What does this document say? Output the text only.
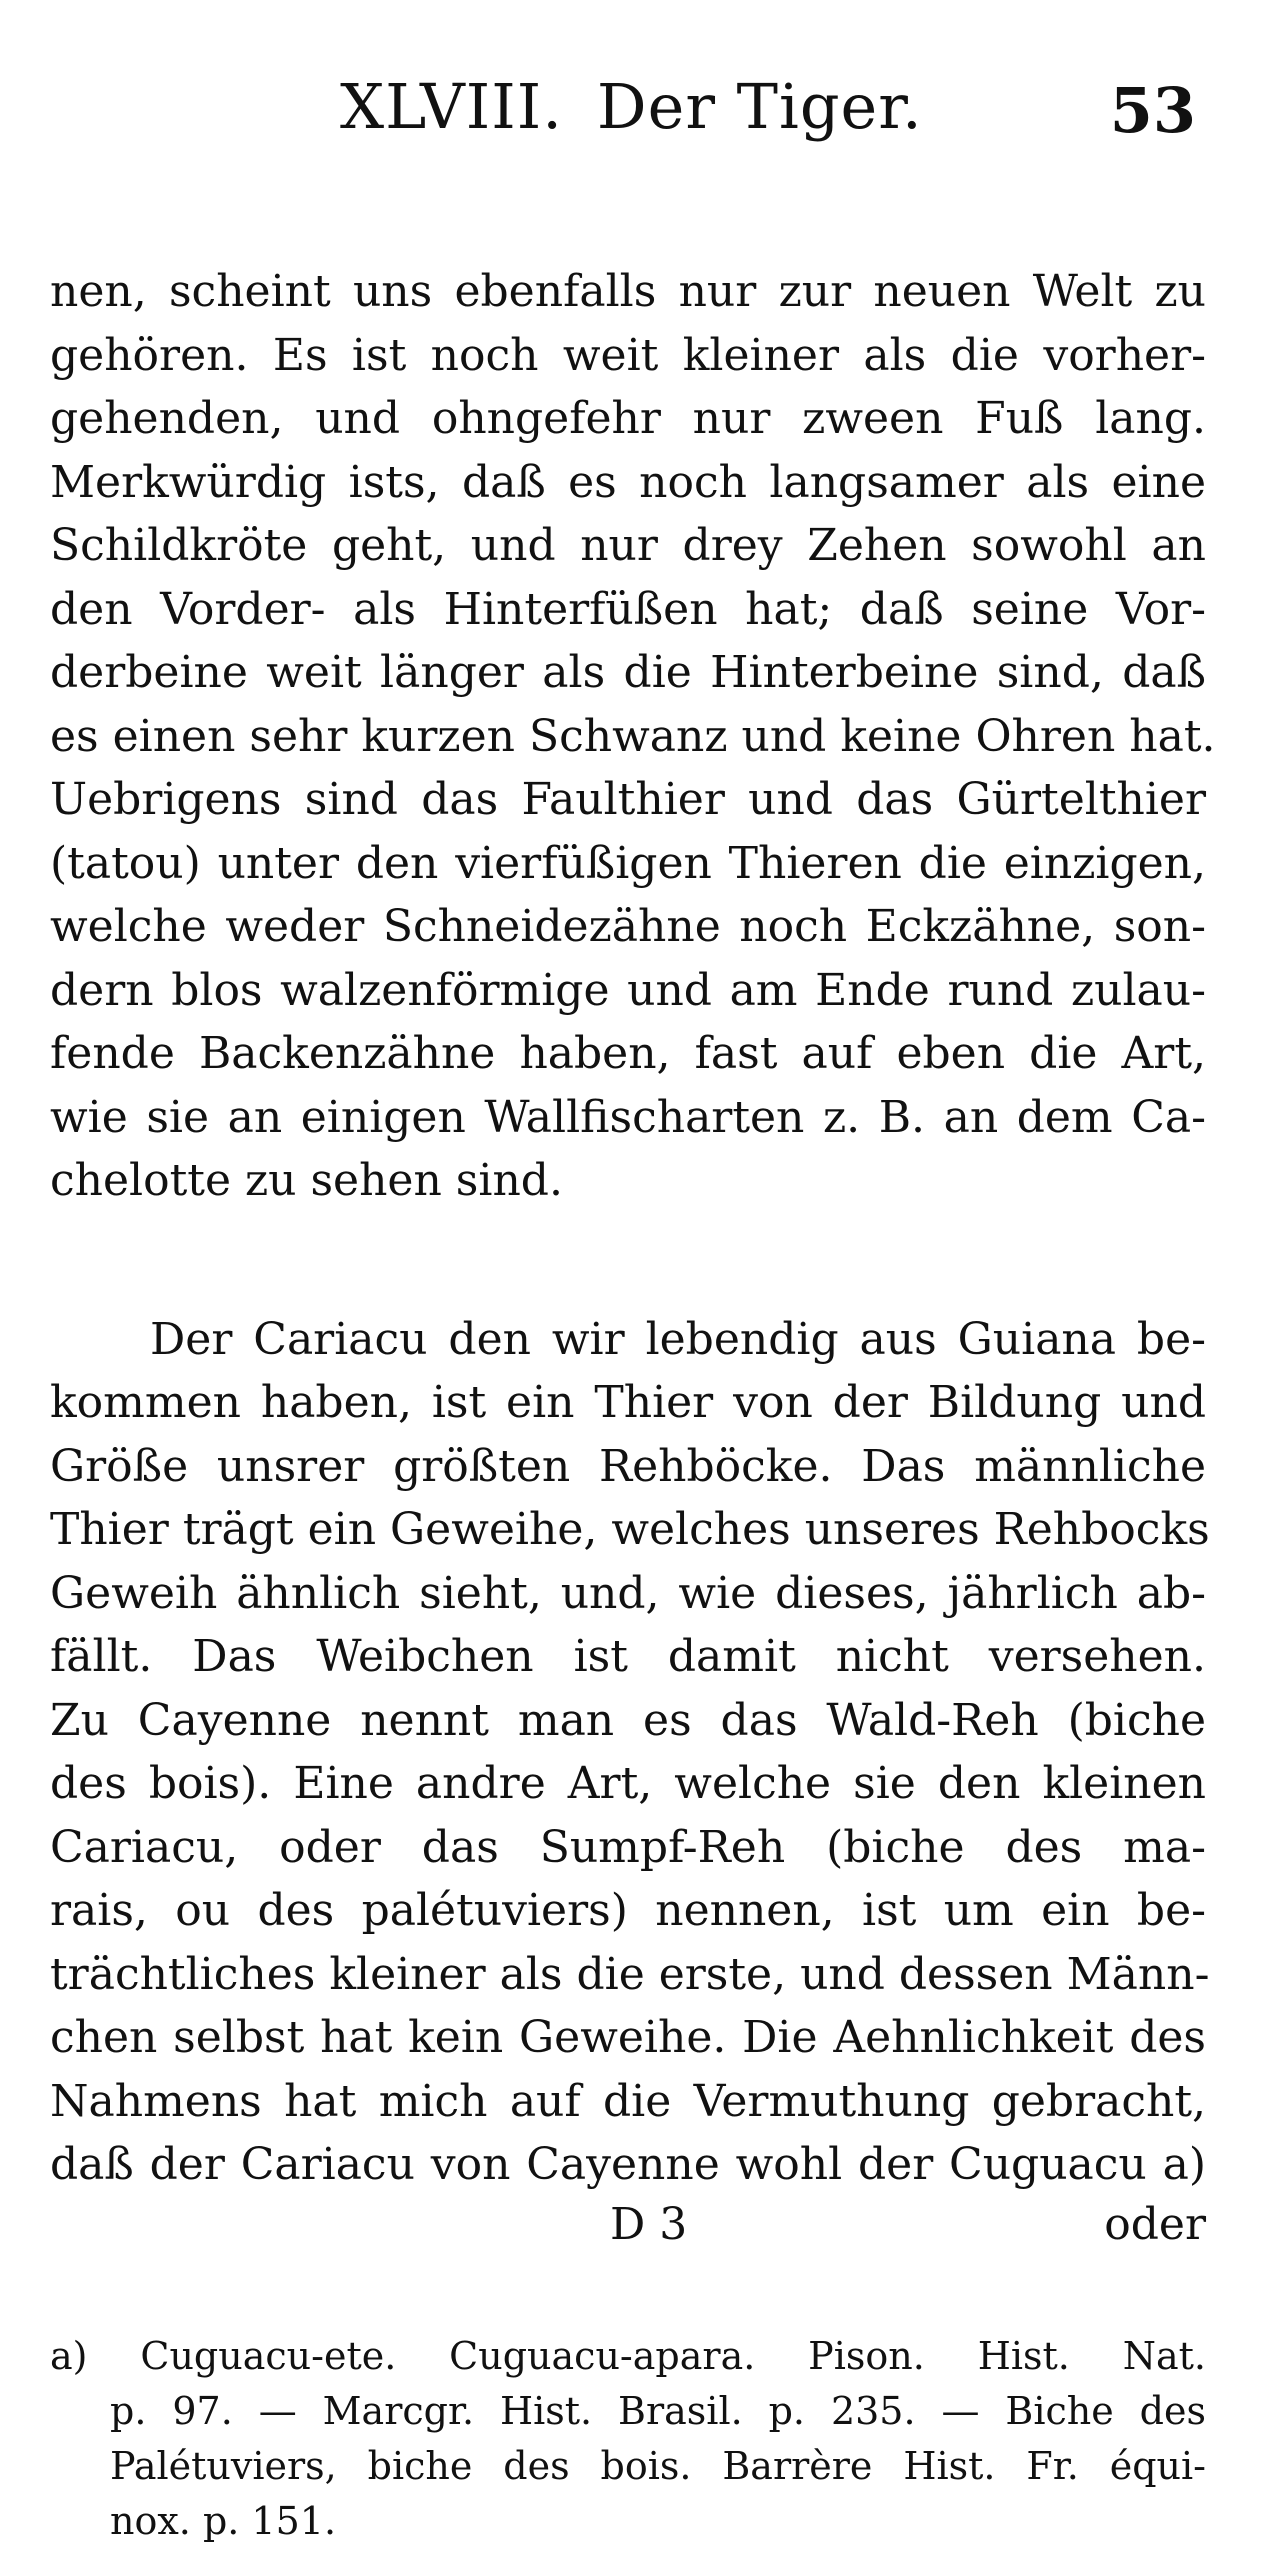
XLVIII. Der Tiger.	53
nen, scheint uns ebenfalls nur zur neuen Welt zu
gehören. Es ist noch weit kleiner als die vorher-
gehenden, und ohngefehr nur zween Fuß lang.
Merkwürdig ists, daß es noch langsamer als eine
Schildkröte geht, und nur drey Zehen sowohl an
den Vorder- als Hinterfüßen hat; daß seine Vor-
derbeine weit länger als die Hinterbeine sind, daß
es einen sehr kurzen Schwanz und keine Ohren hat.
Uebrigens sind das Faulthier und das Gürtelthier
(tatou) unter den vierfüßigen Thieren die einzigen,
welche weder Schneidezähne noch Eckzähne, son-
dern blos walzenförmige und am Ende rund zulau-
fende Backenzähne haben, fast auf eben die Art,
wie sie an einigen Wallfischarten z. B. an dem Ca-
chelotte zu sehen sind.
Der Cariacu den wir lebendig aus Guiana be-
kommen haben, ist ein Thier von der Bildung und
Größe unsrer größten Rehböcke. Das männliche
Thier trägt ein Geweihe, welches unseres Rehbocks
Geweih ähnlich sieht, und, wie dieses, jährlich ab-
fällt. Das Weibchen ist damit nicht versehen.
Zu Cayenne nennt man es das Wald-Reh (biche
des bois). Eine andre Art, welche sie den kleinen
Cariacu, oder das Sumpf-Reh (biche des ma-
rais, ou des palétuviers) nennen, ist um ein be-
trächtliches kleiner als die erste, und dessen Männ-
chen selbst hat kein Geweihe. Die Aehnlichkeit des
Nahmens hat mich auf die Vermuthung gebracht,
daß der Cariacu von Cayenne wohl der Cuguacu a)
D 3	oder
a) Cuguacu-ete. Cuguacu-apara. Pison. Hist. Nat.
p. 97. — Marcgr. Hist. Brasil. p. 235. — Biche des
Palétuviers, biche des bois. Barrère Hist. Fr. équi-
nox. p. 151.
